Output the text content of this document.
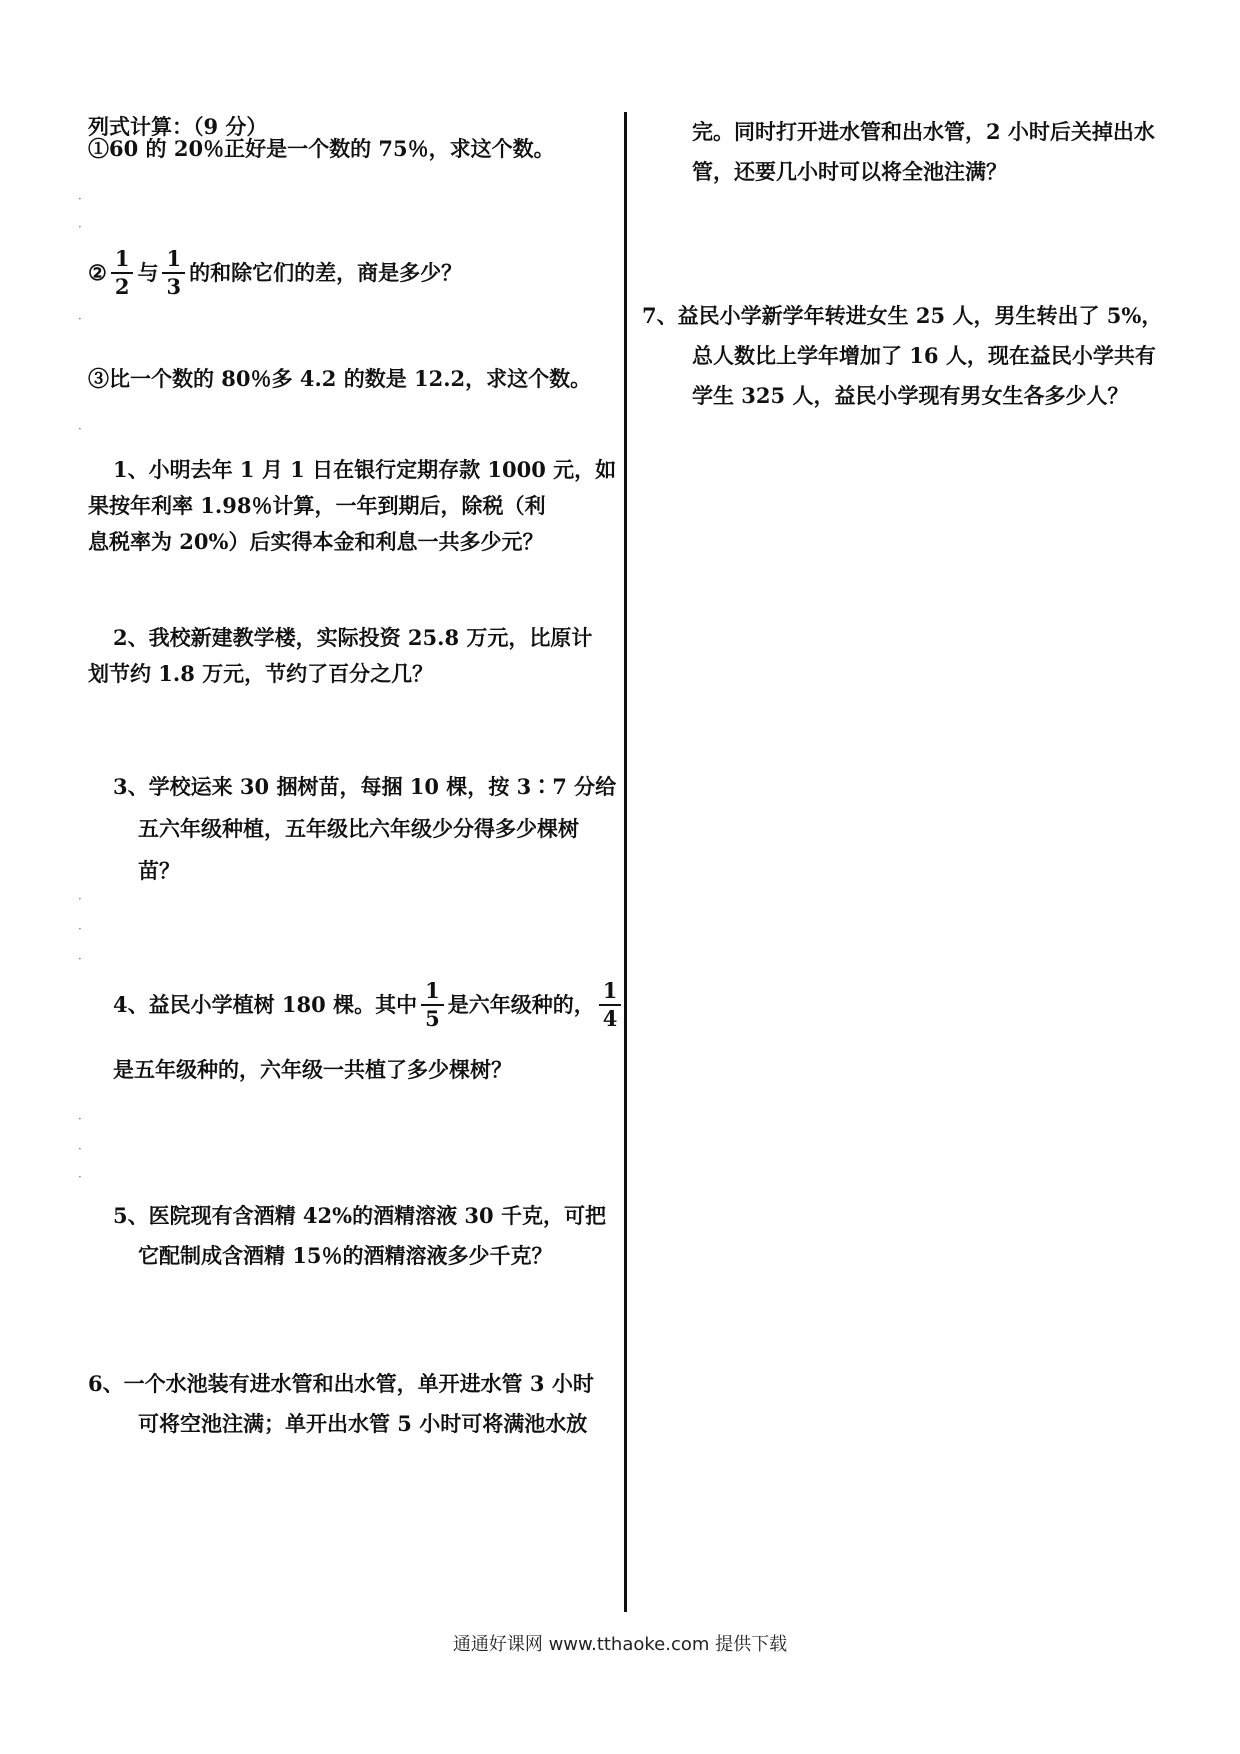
列式计算：（9 分）
①60 的 20％正好是一个数的 75％，求这个数。
② $\frac{1}{2}$ 与 $\frac{1}{3}$ 的和除它们的差，商是多少？
③比一个数的 80％多 4.2 的数是 12.2，求这个数。
1、小明去年 1 月 1 日在银行定期存款 1000 元，如
果按年利率 1.98％计算，一年到期后，除税（利
息税率为 20%）后实得本金和利息一共多少元？
2、我校新建教学楼，实际投资 25.8 万元，比原计
划节约 1.8 万元，节约了百分之几？
3、学校运来 30 捆树苗，每捆 10 棵，按 3∶7 分给
五六年级种植，五年级比六年级少分得多少棵树
苗？
4、益民小学植树 180 棵。其中 $\frac{1}{5}$ 是六年级种的， $\frac{1}{4}$
是五年级种的，六年级一共植了多少棵树？
5、医院现有含酒精 42%的酒精溶液 30 千克，可把
它配制成含酒精 15％的酒精溶液多少千克？
6、一个水池装有进水管和出水管，单开进水管 3 小时
可将空池注满；单开出水管 5 小时可将满池水放
·
·
·
·
·
·
·
·
·
·
完。同时打开进水管和出水管，2 小时后关掉出水
管，还要几小时可以将全池注满？
7、益民小学新学年转进女生 25 人，男生转出了 5%，
总人数比上学年增加了 16 人，现在益民小学共有
学生 325 人，益民小学现有男女生各多少人？
通通好课网 www.tthaoke.com 提供下载
